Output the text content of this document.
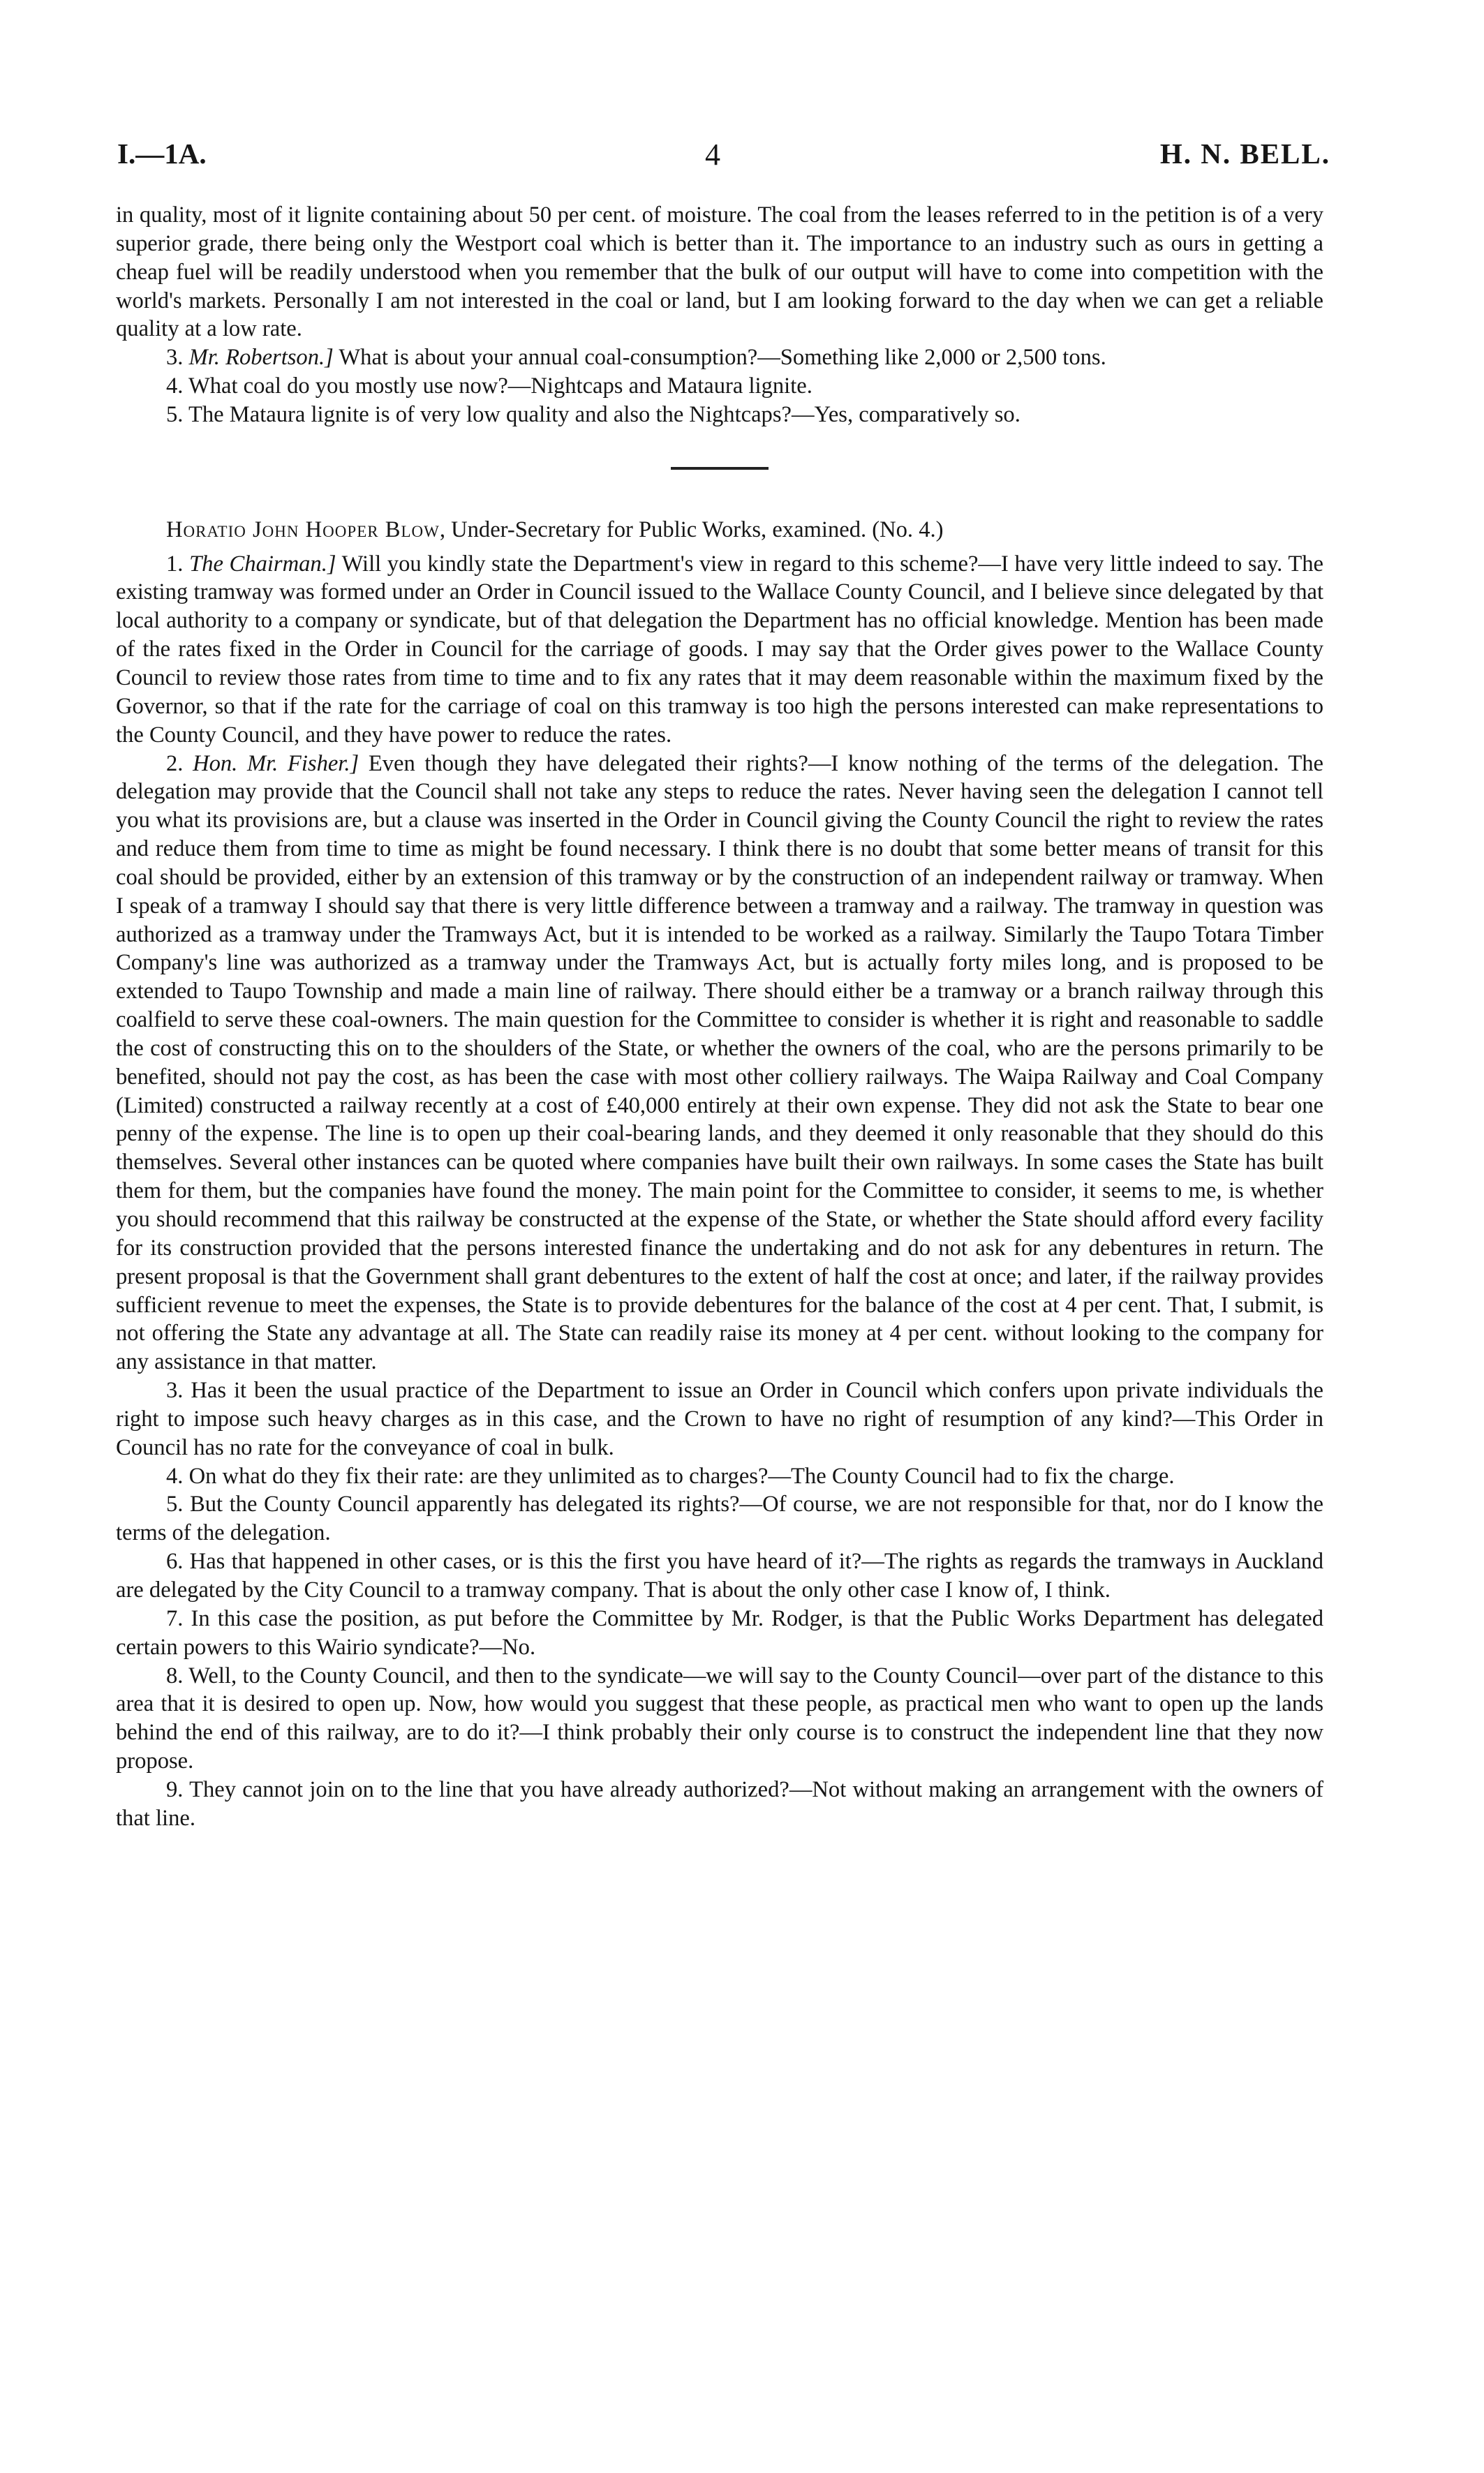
I.—1A.	4	H. N. BELL.

in quality, most of it lignite containing about 50 per cent. of moisture. The coal from the leases referred to in the petition is of a very superior grade, there being only the Westport coal which is better than it. The importance to an industry such as ours in getting a cheap fuel will be readily understood when you remember that the bulk of our output will have to come into competition with the world's markets. Personally I am not interested in the coal or land, but I am looking forward to the day when we can get a reliable quality at a low rate.

3. Mr. Robertson.] What is about your annual coal-consumption?—Something like 2,000 or 2,500 tons.

4. What coal do you mostly use now?—Nightcaps and Mataura lignite.

5. The Mataura lignite is of very low quality and also the Nightcaps?—Yes, comparatively so.

Horatio John Hooper Blow, Under-Secretary for Public Works, examined. (No. 4.)

1. The Chairman.] Will you kindly state the Department's view in regard to this scheme?—I have very little indeed to say. The existing tramway was formed under an Order in Council issued to the Wallace County Council, and I believe since delegated by that local authority to a company or syndicate, but of that delegation the Department has no official knowledge. Mention has been made of the rates fixed in the Order in Council for the carriage of goods. I may say that the Order gives power to the Wallace County Council to review those rates from time to time and to fix any rates that it may deem reasonable within the maximum fixed by the Governor, so that if the rate for the carriage of coal on this tramway is too high the persons interested can make representations to the County Council, and they have power to reduce the rates.

2. Hon. Mr. Fisher.] Even though they have delegated their rights?—I know nothing of the terms of the delegation. The delegation may provide that the Council shall not take any steps to reduce the rates. Never having seen the delegation I cannot tell you what its provisions are, but a clause was inserted in the Order in Council giving the County Council the right to review the rates and reduce them from time to time as might be found necessary. I think there is no doubt that some better means of transit for this coal should be provided, either by an extension of this tramway or by the construction of an independent railway or tramway. When I speak of a tramway I should say that there is very little difference between a tramway and a railway. The tramway in question was authorized as a tramway under the Tramways Act, but it is intended to be worked as a railway. Similarly the Taupo Totara Timber Company's line was authorized as a tramway under the Tramways Act, but is actually forty miles long, and is proposed to be extended to Taupo Township and made a main line of railway. There should either be a tramway or a branch railway through this coalfield to serve these coal-owners. The main question for the Committee to consider is whether it is right and reasonable to saddle the cost of constructing this on to the shoulders of the State, or whether the owners of the coal, who are the persons primarily to be benefited, should not pay the cost, as has been the case with most other colliery railways. The Waipa Railway and Coal Company (Limited) constructed a railway recently at a cost of £40,000 entirely at their own expense. They did not ask the State to bear one penny of the expense. The line is to open up their coal-bearing lands, and they deemed it only reasonable that they should do this themselves. Several other instances can be quoted where companies have built their own railways. In some cases the State has built them for them, but the companies have found the money. The main point for the Committee to consider, it seems to me, is whether you should recommend that this railway be constructed at the expense of the State, or whether the State should afford every facility for its construction provided that the persons interested finance the undertaking and do not ask for any debentures in return. The present proposal is that the Government shall grant debentures to the extent of half the cost at once; and later, if the railway provides sufficient revenue to meet the expenses, the State is to provide debentures for the balance of the cost at 4 per cent. That, I submit, is not offering the State any advantage at all. The State can readily raise its money at 4 per cent. without looking to the company for any assistance in that matter.

3. Has it been the usual practice of the Department to issue an Order in Council which confers upon private individuals the right to impose such heavy charges as in this case, and the Crown to have no right of resumption of any kind?—This Order in Council has no rate for the conveyance of coal in bulk.

4. On what do they fix their rate: are they unlimited as to charges?—The County Council had to fix the charge.

5. But the County Council apparently has delegated its rights?—Of course, we are not responsible for that, nor do I know the terms of the delegation.

6. Has that happened in other cases, or is this the first you have heard of it?—The rights as regards the tramways in Auckland are delegated by the City Council to a tramway company. That is about the only other case I know of, I think.

7. In this case the position, as put before the Committee by Mr. Rodger, is that the Public Works Department has delegated certain powers to this Wairio syndicate?—No.

8. Well, to the County Council, and then to the syndicate—we will say to the County Council—over part of the distance to this area that it is desired to open up. Now, how would you suggest that these people, as practical men who want to open up the lands behind the end of this railway, are to do it?—I think probably their only course is to construct the independent line that they now propose.

9. They cannot join on to the line that you have already authorized?—Not without making an arrangement with the owners of that line.
